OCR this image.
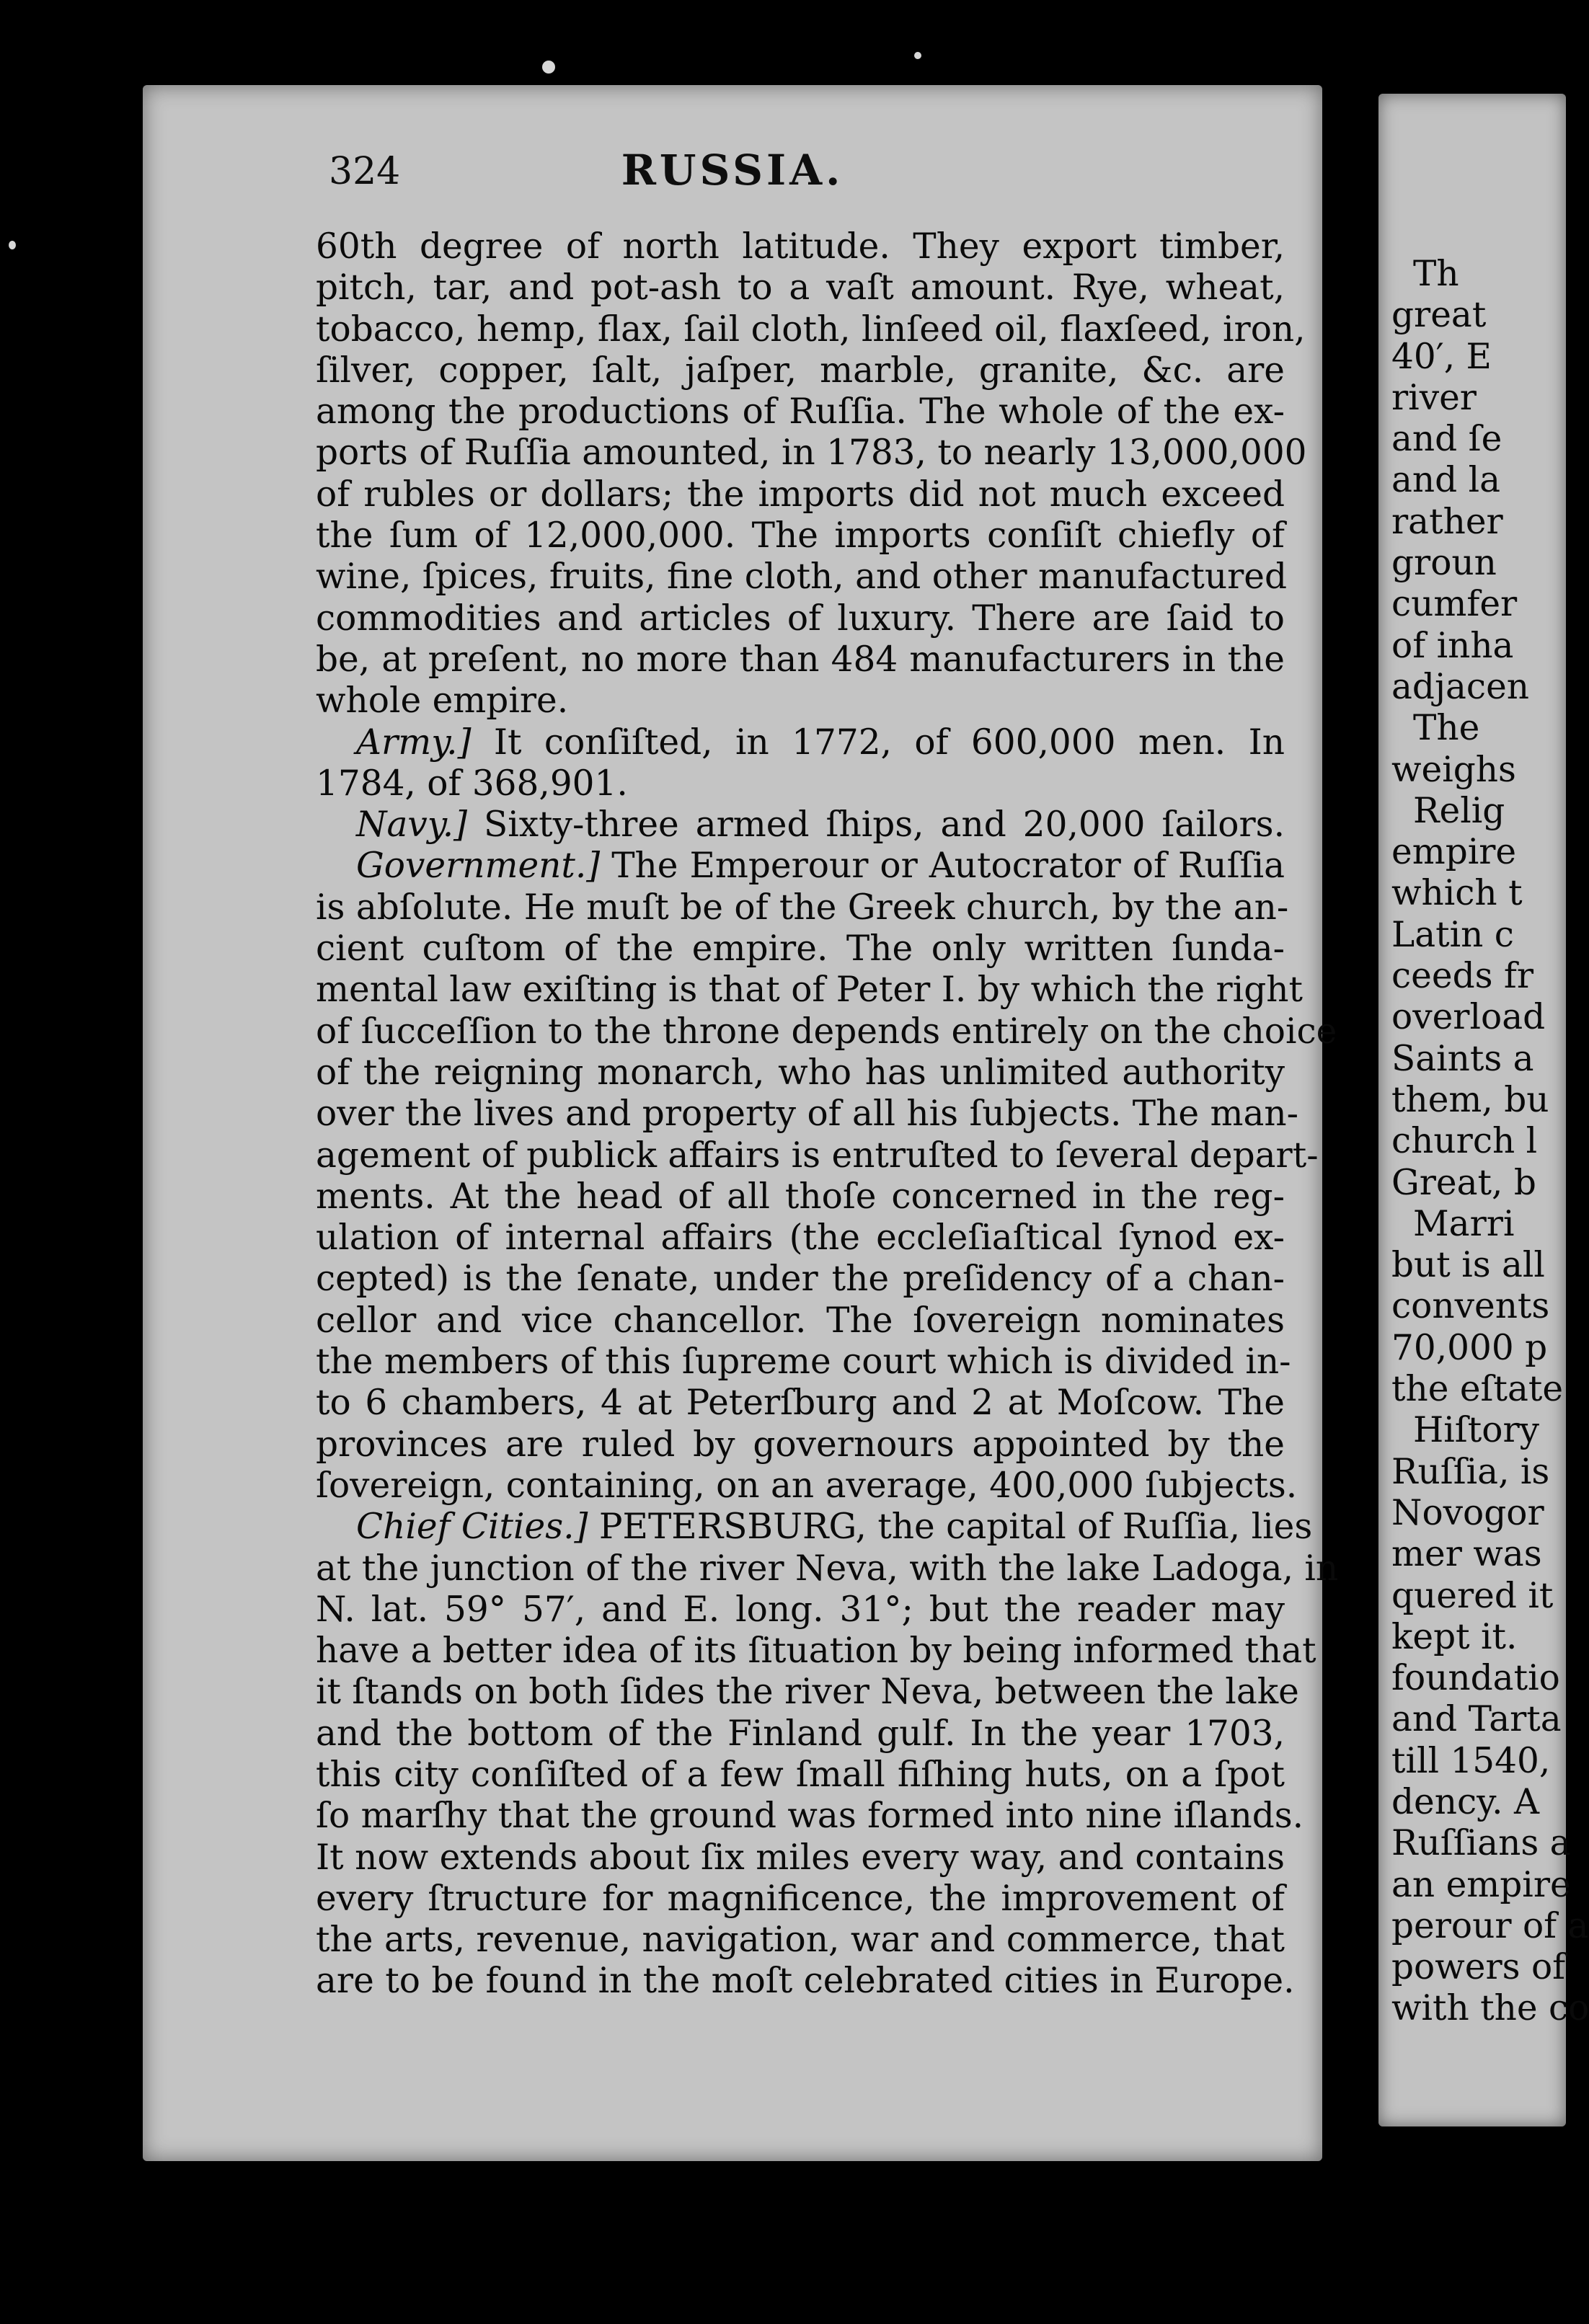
324	RUSSIA.
60th degree of north latitude. They export timber,
pitch, tar, and pot-ash to a vaſt amount. Rye, wheat,
tobacco, hemp, flax, ſail cloth, linſeed oil, flaxſeed, iron,
ſilver, copper, ſalt, jaſper, marble, granite, &c. are
among the productions of Ruſſia. The whole of the ex-
ports of Ruſſia amounted, in 1783, to nearly 13,000,000
of rubles or dollars; the imports did not much exceed
the ſum of 12,000,000. The imports conſiſt chiefly of
wine, ſpices, fruits, fine cloth, and other manufactured
commodities and articles of luxury. There are ſaid to
be, at preſent, no more than 484 manufacturers in the
whole empire.
Army.] It conſiſted, in 1772, of 600,000 men. In
1784, of 368,901.
Navy.] Sixty-three armed ſhips, and 20,000 ſailors.
Government.] The Emperour or Autocrator of Ruſſia
is abſolute. He muſt be of the Greek church, by the an-
cient cuſtom of the empire. The only written ſunda-
mental law exiſting is that of Peter I. by which the right
of ſucceſſion to the throne depends entirely on the choice
of the reigning monarch, who has unlimited authority
over the lives and property of all his ſubjects. The man-
agement of publick affairs is entruſted to ſeveral depart-
ments. At the head of all thoſe concerned in the reg-
ulation of internal affairs (the eccleſiaſtical ſynod ex-
cepted) is the ſenate, under the preſidency of a chan-
cellor and vice chancellor. The ſovereign nominates
the members of this ſupreme court which is divided in-
to 6 chambers, 4 at Peterſburg and 2 at Moſcow. The
provinces are ruled by governours appointed by the
ſovereign, containing, on an average, 400,000 ſubjects.
Chief Cities.] PETERSBURG, the capital of Ruſſia, lies
at the junction of the river Neva, with the lake Ladoga, in
N. lat. 59° 57′, and E. long. 31°; but the reader may
have a better idea of its ſituation by being informed that
it ſtands on both ſides the river Neva, between the lake
and the bottom of the Finland gulf. In the year 1703,
this city conſiſted of a few ſmall fiſhing huts, on a ſpot
ſo marſhy that the ground was formed into nine iſlands.
It now extends about ſix miles every way, and contains
every ſtructure for magnificence, the improvement of
the arts, revenue, navigation, war and commerce, that
are to be found in the moſt celebrated cities in Europe.
Th
great
40′, E
river
and ſe
and la
rather
groun
cumfer
of inha
adjacen
The
weighs
Relig
empire
which t
Latin c
ceeds fr
overload
Saints a
them, bu
church l
Great, b
Marri
but is all
convents
70,000 p
the eſtate
Hiſtory
Ruſſia, is
Novogor
mer was
quered it
kept it.
foundatio
and Tarta
till 1540,
dency. A
Ruſſians a
an empire
perour of a
powers of
with the co
